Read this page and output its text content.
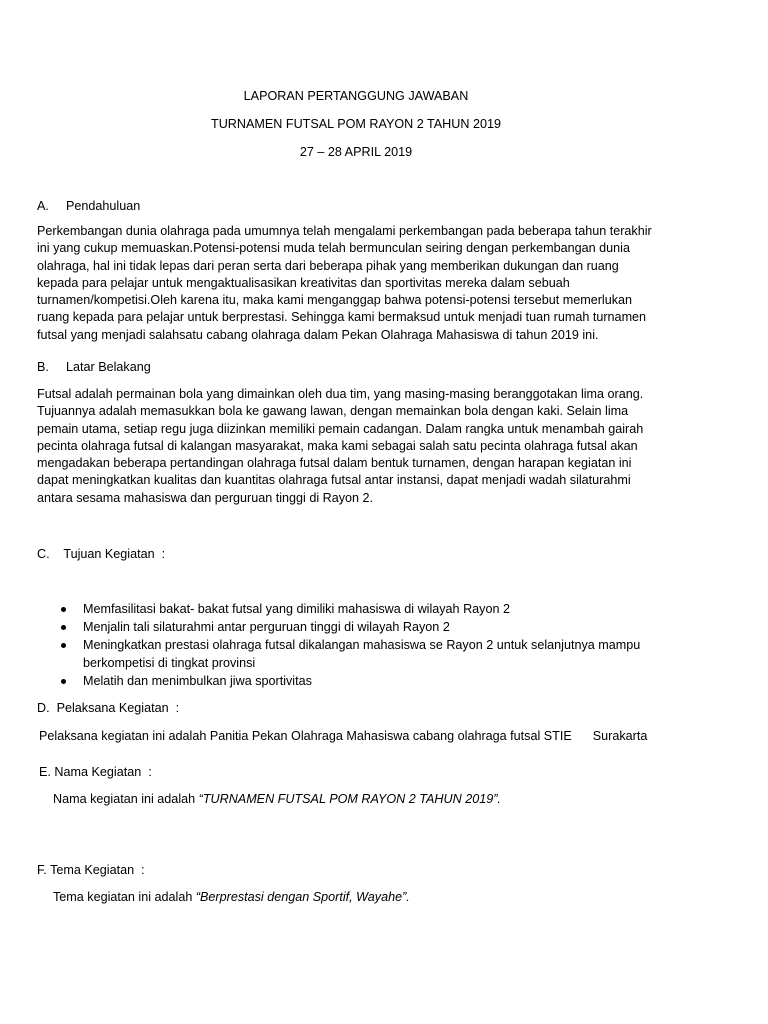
LAPORAN PERTANGGUNG JAWABAN
TURNAMEN FUTSAL POM RAYON 2 TAHUN 2019
27 – 28 APRIL 2019
A. Pendahuluan
Perkembangan dunia olahraga pada umumnya telah mengalami perkembangan pada beberapa tahun terakhir
ini yang cukup memuaskan.Potensi-potensi muda telah bermunculan seiring dengan perkembangan dunia
olahraga, hal ini tidak lepas dari peran serta dari beberapa pihak yang memberikan dukungan dan ruang
kepada para pelajar untuk mengaktualisasikan kreativitas dan sportivitas mereka dalam sebuah
turnamen/kompetisi.Oleh karena itu, maka kami menganggap bahwa potensi-potensi tersebut memerlukan
ruang kepada para pelajar untuk berprestasi. Sehingga kami bermaksud untuk menjadi tuan rumah turnamen
futsal yang menjadi salahsatu cabang olahraga dalam Pekan Olahraga Mahasiswa di tahun 2019 ini.
B. Latar Belakang
Futsal adalah permainan bola yang dimainkan oleh dua tim, yang masing-masing beranggotakan lima orang.
Tujuannya adalah memasukkan bola ke gawang lawan, dengan memainkan bola dengan kaki. Selain lima
pemain utama, setiap regu juga diizinkan memiliki pemain cadangan. Dalam rangka untuk menambah gairah
pecinta olahraga futsal di kalangan masyarakat, maka kami sebagai salah satu pecinta olahraga futsal akan
mengadakan beberapa pertandingan olahraga futsal dalam bentuk turnamen, dengan harapan kegiatan ini
dapat meningkatkan kualitas dan kuantitas olahraga futsal antar instansi, dapat menjadi wadah silaturahmi
antara sesama mahasiswa dan perguruan tinggi di Rayon 2.
C.    Tujuan Kegiatan  :
Memfasilitasi bakat- bakat futsal yang dimiliki mahasiswa di wilayah Rayon 2
Menjalin tali silaturahmi antar perguruan tinggi di wilayah Rayon 2
Meningkatkan prestasi olahraga futsal dikalangan mahasiswa se Rayon 2 untuk selanjutnya mampu
berkompetisi di tingkat provinsi
Melatih dan menimbulkan jiwa sportivitas
D.  Pelaksana Kegiatan  :
Pelaksana kegiatan ini adalah Panitia Pekan Olahraga Mahasiswa cabang olahraga futsal STIE      Surakarta
E. Nama Kegiatan  :
Nama kegiatan ini adalah “TURNAMEN FUTSAL POM RAYON 2 TAHUN 2019”.
F. Tema Kegiatan  :
Tema kegiatan ini adalah “Berprestasi dengan Sportif, Wayahe”.
